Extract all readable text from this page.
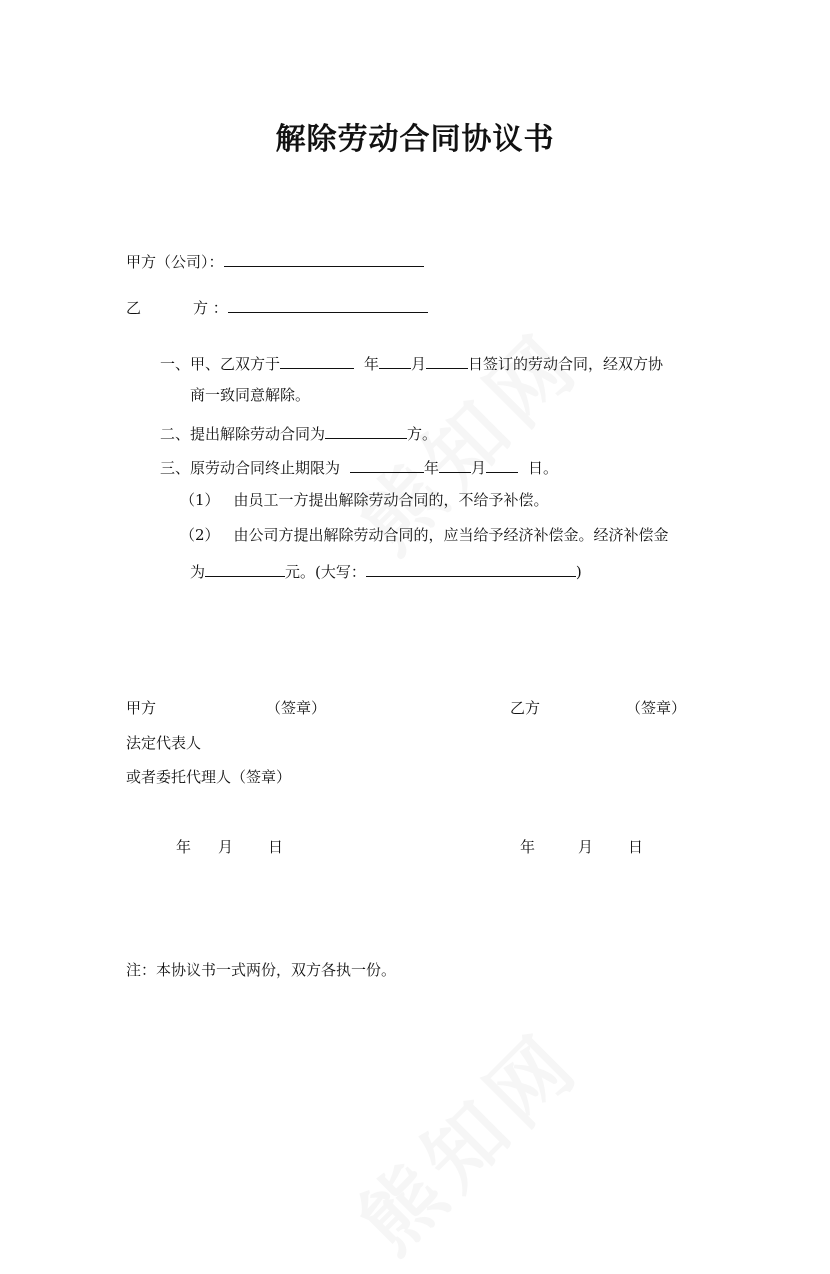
解除劳动合同协议书
甲方（公司）：
乙	方 ：
一、甲、乙双方于	年 月	日签订的劳动合同，经双方协
商一致同意解除。
二、提出解除劳动合同为	方。
三、原劳动合同终止期限为	年 月	日。
（1） 由员工一方提出解除劳动合同的，不给予补偿。
（2） 由公司方提出解除劳动合同的，应当给予经济补偿金。经济补偿金
为	元。(大写：	)
甲方	（签章）	乙方	（签章）
法定代表人
或者委托代理人（签章）
年 月 日	年	月 日
注：本协议书一式两份，双方各执一份。
